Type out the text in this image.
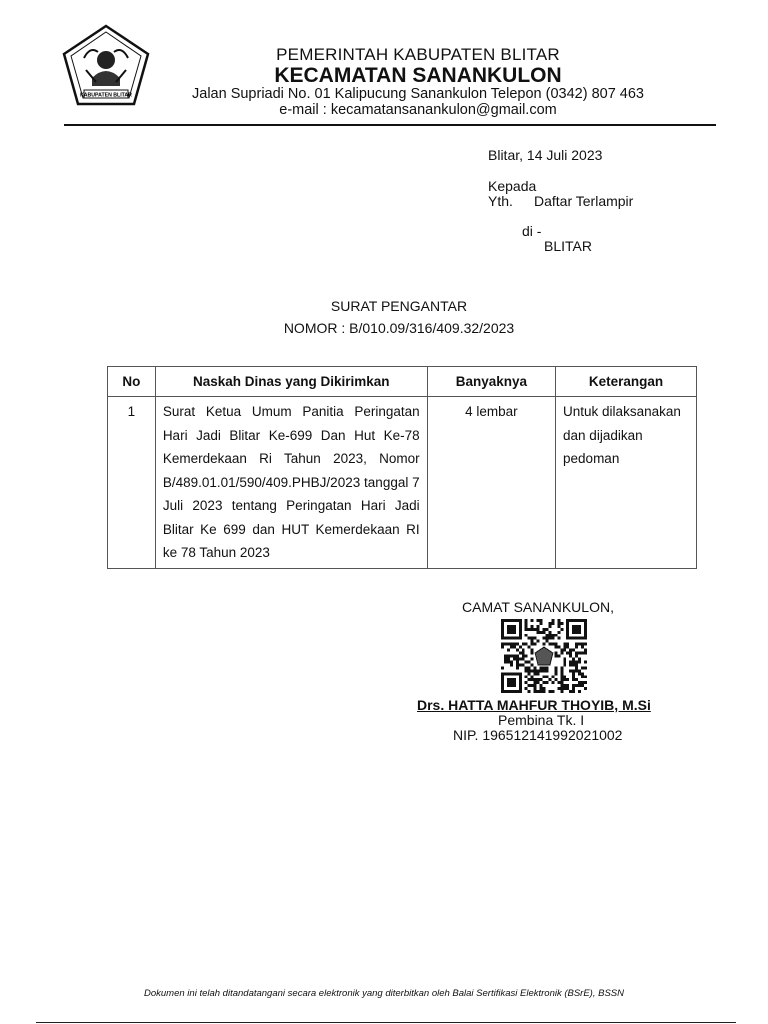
KABUPATEN BLITAR
PEMERINTAH KABUPATEN BLITAR
KECAMATAN SANANKULON
Jalan Supriadi No. 01 Kalipucung Sanankulon Telepon (0342) 807 463
e-mail : kecamatansanankulon@gmail.com
Blitar, 14 Juli 2023
Kepada
Yth. Daftar Terlampir
di -
BLITAR
SURAT PENGANTAR
NOMOR : B/010.09/316/409.32/2023
No	Naskah Dinas yang Dikirimkan	Banyaknya	Keterangan
1	Surat Ketua Umum Panitia Peringatan Hari Jadi Blitar Ke-699 Dan Hut Ke-78 Kemerdekaan Ri Tahun 2023, Nomor B/489.01.01/590/409.PHBJ/2023 tanggal 7 Juli 2023 tentang Peringatan Hari Jadi Blitar Ke 699 dan HUT Kemerdekaan RI ke 78 Tahun 2023	4 lembar	Untuk dilaksanakan dan dijadikan pedoman
CAMAT SANANKULON,
Drs. HATTA MAHFUR THOYIB, M.Si
Pembina Tk. I
NIP. 196512141992021002
Dokumen ini telah ditandatangani secara elektronik yang diterbitkan oleh Balai Sertifikasi Elektronik (BSrE), BSSN
